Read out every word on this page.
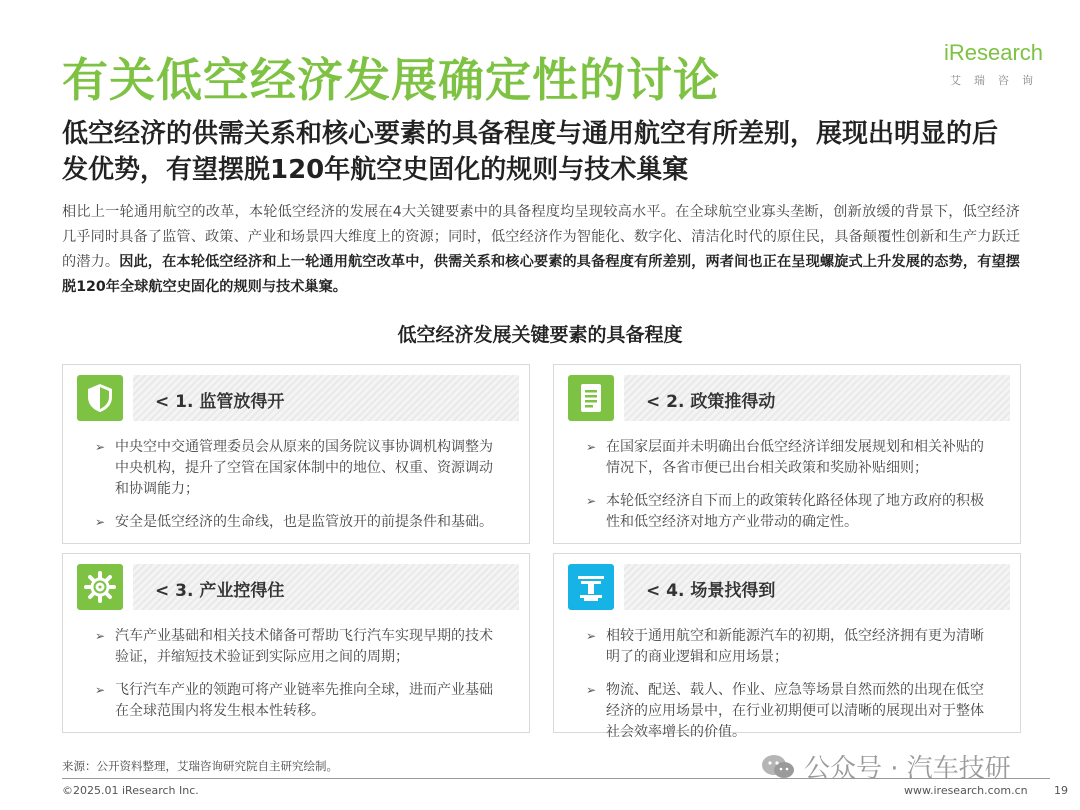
有关低空经济发展确定性的讨论
iResearch
艾瑞咨询
低空经济的供需关系和核心要素的具备程度与通用航空有所差别，展现出明显的后发优势，有望摆脱120年航空史固化的规则与技术巢窠

相比上一轮通用航空的改革，本轮低空经济的发展在4大关键要素中的具备程度均呈现较高水平。在全球航空业寡头垄断，创新放缓的背景下，低空经济几乎同时具备了监管、政策、产业和场景四大维度上的资源；同时，低空经济作为智能化、数字化、清洁化时代的原住民，具备颠覆性创新和生产力跃迁的潜力。因此，在本轮低空经济和上一轮通用航空改革中，供需关系和核心要素的具备程度有所差别，两者间也正在呈现螺旋式上升发展的态势，有望摆脱120年全球航空史固化的规则与技术巢窠。

低空经济发展关键要素的具备程度
< 1. 监管放得开
➢ 中央空中交通管理委员会从原来的国务院议事协调机构调整为中央机构，提升了空管在国家体制中的地位、权重、资源调动和协调能力；
➢ 安全是低空经济的生命线，也是监管放开的前提条件和基础。
< 2. 政策推得动
➢ 在国家层面并未明确出台低空经济详细发展规划和相关补贴的情况下，各省市便已出台相关政策和奖励补贴细则；
➢ 本轮低空经济自下而上的政策转化路径体现了地方政府的积极性和低空经济对地方产业带动的确定性。
< 3. 产业控得住
➢ 汽车产业基础和相关技术储备可帮助飞行汽车实现早期的技术验证，并缩短技术验证到实际应用之间的周期；
➢ 飞行汽车产业的领跑可将产业链率先推向全球，进而产业基础在全球范围内将发生根本性转移。
< 4. 场景找得到
➢ 相较于通用航空和新能源汽车的初期，低空经济拥有更为清晰明了的商业逻辑和应用场景；
➢ 物流、配送、载人、作业、应急等场景自然而然的出现在低空经济的应用场景中，在行业初期便可以清晰的展现出对于整体社会效率增长的价值。
来源：公开资料整理，艾瑞咨询研究院自主研究绘制。
©2025.01 iResearch Inc.	www.iresearch.com.cn 19
公众号 · 汽车技研
